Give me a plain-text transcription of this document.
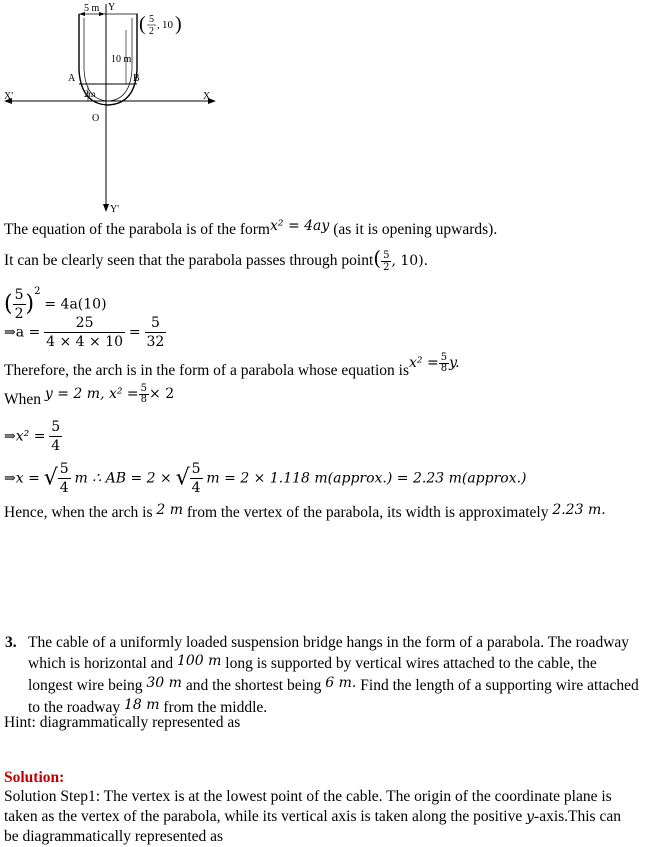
( 5
2
, 10 )
5 m Y
10 m
A	B
2m
O
X'	X
Y'
The equation of the parabola is of the formx² = 4ay (as it is opening upwards).
It can be clearly seen that the parabola passes through point( $\frac{5}{2}$ , 10).
( $\frac{5}{2} )^2 = 4a(10)$
⇒a = $\frac{25}{4 \times 4 \times 10} = \frac{5}{32}$
Therefore, the arch is in the form of a parabola whose equation $isx^2 = \frac{5}{8} y$.
When y = 2 m, $x^2 = \frac{5}{8} \times 2$
⇒x² = $\frac{5}{4}$
⇒x = √ $\frac{5}{4}$ m ∴ AB = 2 × √ $\frac{5}{4}$ m = 2 × 1.118 m(approx.) = 2.23 m(approx.)
Hence, when the arch is 2 m from the vertex of the parabola, its width is approximately 2.23 m.
3. The cable of a uniformly loaded suspension bridge hangs in the form of a parabola. The roadway
which is horizontal and 100 m long is supported by vertical wires attached to the cable, the
longest wire being 30 m and the shortest being 6 m. Find the length of a supporting wire attached
to the roadway 18 m from the middle.
Hint: diagrammatically represented as
Solution:
Solution Step1: The vertex is at the lowest point of the cable. The origin of the coordinate plane is
taken as the vertex of the parabola, while its vertical axis is taken along the positive y-axis.This can
be diagrammatically represented as
